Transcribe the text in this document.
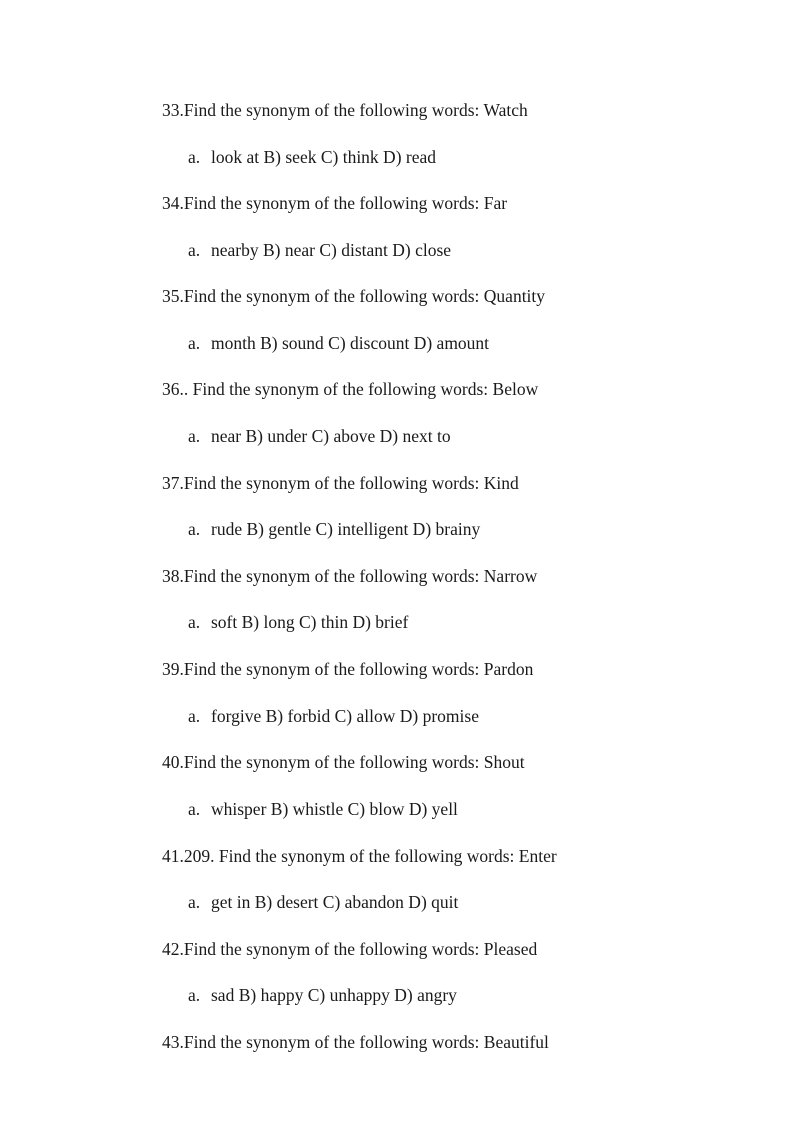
33.Find the synonym of the following words: Watch
a. look at B) seek C) think D) read
34.Find the synonym of the following words: Far
a. nearby B) near C) distant D) close
35.Find the synonym of the following words: Quantity
a. month B) sound C) discount D) amount
36.. Find the synonym of the following words: Below
a. near B) under C) above D) next to
37.Find the synonym of the following words: Kind
a. rude B) gentle C) intelligent D) brainy
38.Find the synonym of the following words: Narrow
a. soft B) long C) thin D) brief
39.Find the synonym of the following words: Pardon
a. forgive B) forbid C) allow D) promise
40.Find the synonym of the following words: Shout
a. whisper B) whistle C) blow D) yell
41.209. Find the synonym of the following words: Enter
a. get in B) desert C) abandon D) quit
42.Find the synonym of the following words: Pleased
a. sad B) happy C) unhappy D) angry
43.Find the synonym of the following words: Beautiful
